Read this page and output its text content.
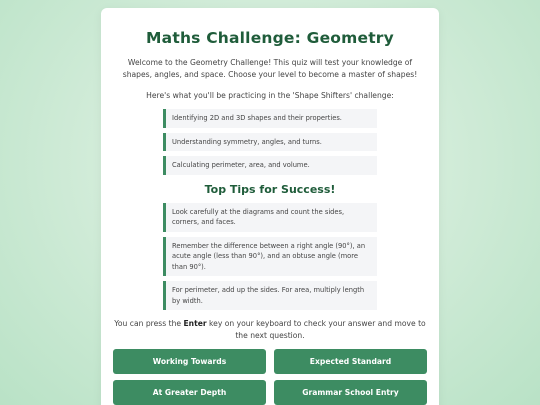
Maths Challenge: Geometry

Welcome to the Geometry Challenge! This quiz will test your knowledge of shapes, angles, and space. Choose your level to become a master of shapes!

Here's what you'll be practicing in the 'Shape Shifters' challenge:

Identifying 2D and 3D shapes and their properties.
Understanding symmetry, angles, and turns.
Calculating perimeter, area, and volume.
Top Tips for Success!
Look carefully at the diagrams and count the sides, corners, and faces.
Remember the difference between a right angle (90°), an acute angle (less than 90°), and an obtuse angle (more than 90°).
For perimeter, add up the sides. For area, multiply length by width.

You can press the Enter key on your keyboard to check your answer and move to the next question.

Working Towards	Expected Standard
At Greater Depth	Grammar School Entry
